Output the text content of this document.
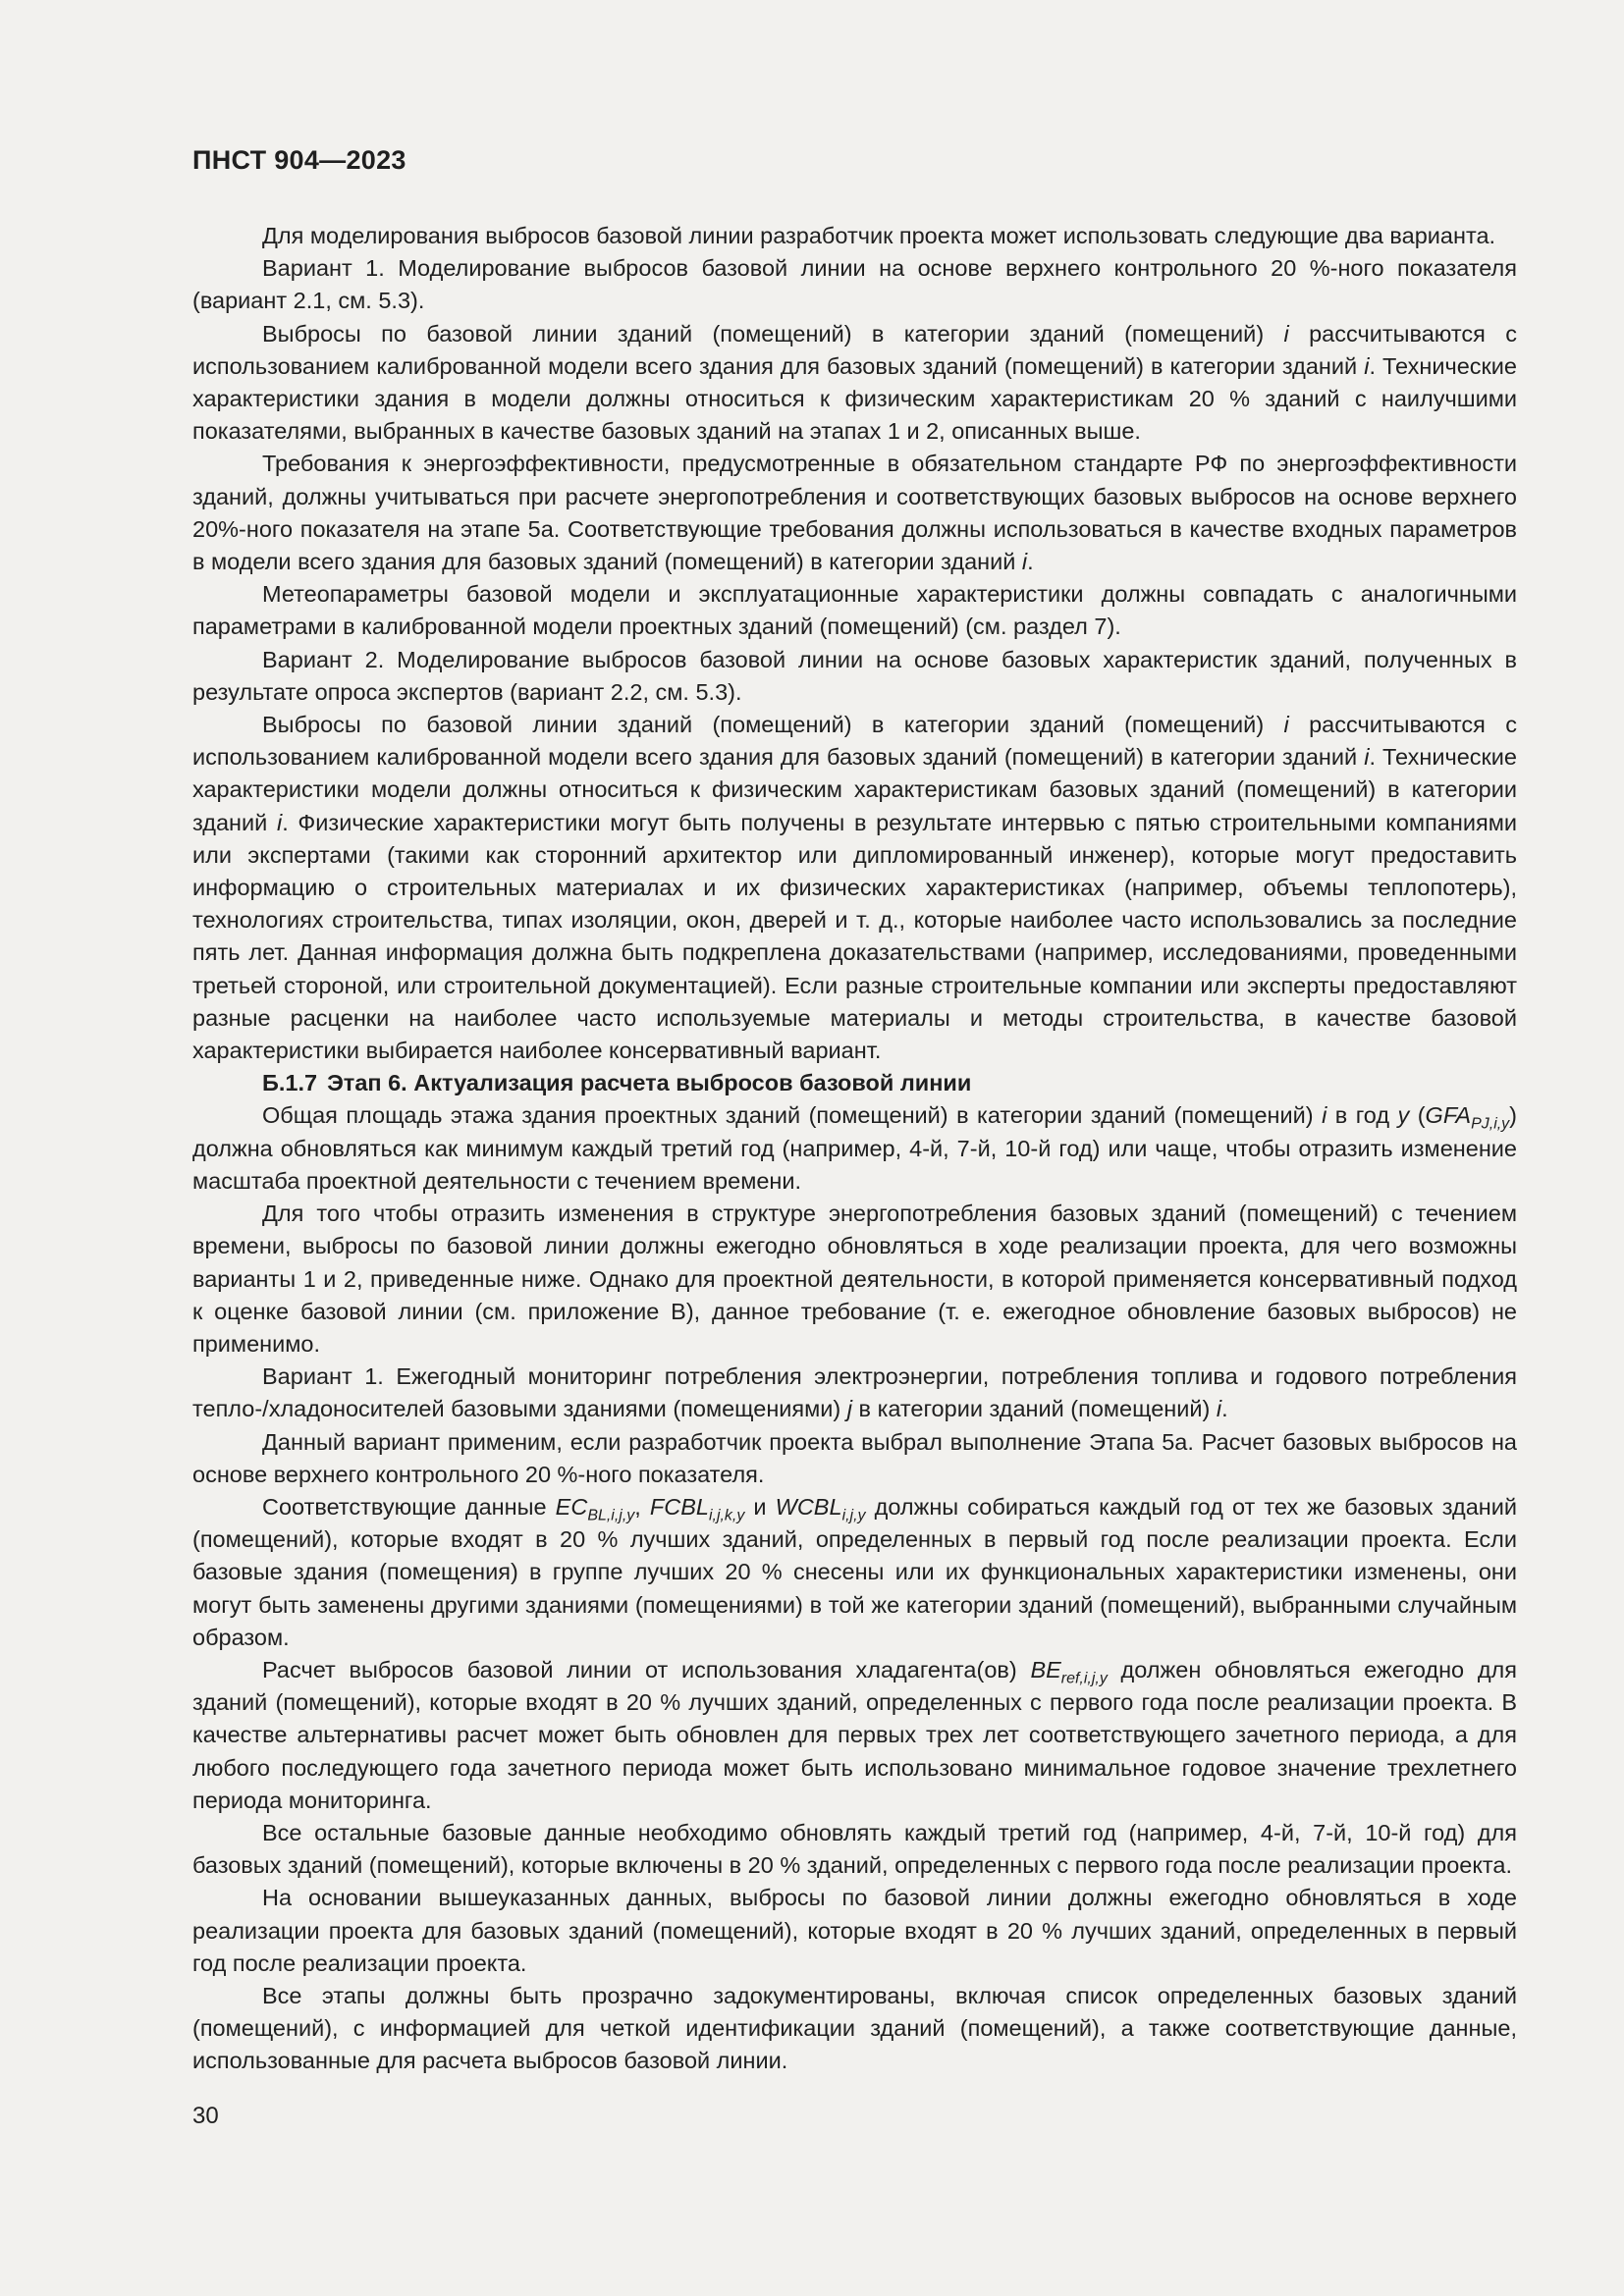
ПНСТ 904—2023

Для моделирования выбросов базовой линии разработчик проекта может использовать следующие два варианта.

Вариант 1. Моделирование выбросов базовой линии на основе верхнего контрольного 20 %-ного показателя (вариант 2.1, см. 5.3).

Выбросы по базовой линии зданий (помещений) в категории зданий (помещений) i рассчитываются с использованием калиброванной модели всего здания для базовых зданий (помещений) в категории зданий i. Технические характеристики здания в модели должны относиться к физическим характеристикам 20 % зданий с наилучшими показателями, выбранных в качестве базовых зданий на этапах 1 и 2, описанных выше.

Требования к энергоэффективности, предусмотренные в обязательном стандарте РФ по энергоэффективности зданий, должны учитываться при расчете энергопотребления и соответствующих базовых выбросов на основе верхнего 20%-ного показателя на этапе 5а. Соответствующие требования должны использоваться в качестве входных параметров в модели всего здания для базовых зданий (помещений) в категории зданий i.

Метеопараметры базовой модели и эксплуатационные характеристики должны совпадать с аналогичными параметрами в калиброванной модели проектных зданий (помещений) (см. раздел 7).

Вариант 2. Моделирование выбросов базовой линии на основе базовых характеристик зданий, полученных в результате опроса экспертов (вариант 2.2, см. 5.3).

Выбросы по базовой линии зданий (помещений) в категории зданий (помещений) i рассчитываются с использованием калиброванной модели всего здания для базовых зданий (помещений) в категории зданий i. Технические характеристики модели должны относиться к физическим характеристикам базовых зданий (помещений) в категории зданий i. Физические характеристики могут быть получены в результате интервью с пятью строительными компаниями или экспертами (такими как сторонний архитектор или дипломированный инженер), которые могут предоставить информацию о строительных материалах и их физических характеристиках (например, объемы теплопотерь), технологиях строительства, типах изоляции, окон, дверей и т. д., которые наиболее часто использовались за последние пять лет. Данная информация должна быть подкреплена доказательствами (например, исследованиями, проведенными третьей стороной, или строительной документацией). Если разные строительные компании или эксперты предоставляют разные расценки на наиболее часто используемые материалы и методы строительства, в качестве базовой характеристики выбирается наиболее консервативный вариант.

Б.1.7 Этап 6. Актуализация расчета выбросов базовой линии

Общая площадь этажа здания проектных зданий (помещений) в категории зданий (помещений) i в год y $(GFA_{PJ,i,y})$ должна обновляться как минимум каждый третий год (например, 4-й, 7-й, 10-й год) или чаще, чтобы отразить изменение масштаба проектной деятельности с течением времени.

Для того чтобы отразить изменения в структуре энергопотребления базовых зданий (помещений) с течением времени, выбросы по базовой линии должны ежегодно обновляться в ходе реализации проекта, для чего возможны варианты 1 и 2, приведенные ниже. Однако для проектной деятельности, в которой применяется консервативный подход к оценке базовой линии (см. приложение В), данное требование (т. е. ежегодное обновление базовых выбросов) не применимо.

Вариант 1. Ежегодный мониторинг потребления электроэнергии, потребления топлива и годового потребления тепло-/хладоносителей базовыми зданиями (помещениями) j в категории зданий (помещений) i.

Данный вариант применим, если разработчик проекта выбрал выполнение Этапа 5а. Расчет базовых выбросов на основе верхнего контрольного 20 %-ного показателя.

Соответствующие данные $EC_{BL,i,j,y}$, $FCBL_{i,j,k,y}$ и $WCBL_{i,j,y}$ должны собираться каждый год от тех же базовых зданий (помещений), которые входят в 20 % лучших зданий, определенных в первый год после реализации проекта. Если базовые здания (помещения) в группе лучших 20 % снесены или их функциональных характеристики изменены, они могут быть заменены другими зданиями (помещениями) в той же категории зданий (помещений), выбранными случайным образом.

Расчет выбросов базовой линии от использования хладагента(ов) $BE_{ref,i,j,y}$ должен обновляться ежегодно для зданий (помещений), которые входят в 20 % лучших зданий, определенных с первого года после реализации проекта. В качестве альтернативы расчет может быть обновлен для первых трех лет соответствующего зачетного периода, а для любого последующего года зачетного периода может быть использовано минимальное годовое значение трехлетнего периода мониторинга.

Все остальные базовые данные необходимо обновлять каждый третий год (например, 4-й, 7-й, 10-й год) для базовых зданий (помещений), которые включены в 20 % зданий, определенных с первого года после реализации проекта.

На основании вышеуказанных данных, выбросы по базовой линии должны ежегодно обновляться в ходе реализации проекта для базовых зданий (помещений), которые входят в 20 % лучших зданий, определенных в первый год после реализации проекта.

Все этапы должны быть прозрачно задокументированы, включая список определенных базовых зданий (помещений), с информацией для четкой идентификации зданий (помещений), а также соответствующие данные, использованные для расчета выбросов базовой линии.

30
